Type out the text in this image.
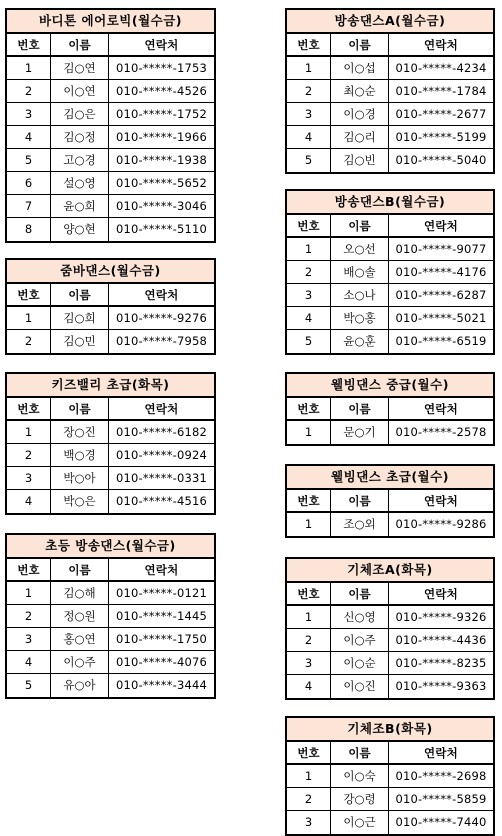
바디톤 에어로빅(월수금)
번호	이름	연락처
1	김○연	010-*****-1753
2	이○연	010-*****-4526
3	김○은	010-*****-1752
4	김○정	010-*****-1966
5	고○경	010-*****-1938
6	설○영	010-*****-5652
7	윤○희	010-*****-3046
8	양○현	010-*****-5110
줌바댄스(월수금)
번호	이름	연락처
1	김○희	010-*****-9276
2	김○민	010-*****-7958
키즈밸리 초급(화목)
번호	이름	연락처
1	장○진	010-*****-6182
2	백○경	010-*****-0924
3	박○아	010-*****-0331
4	박○은	010-*****-4516
초등 방송댄스(월수금)
번호	이름	연락처
1	김○해	010-*****-0121
2	정○원	010-*****-1445
3	홍○연	010-*****-1750
4	이○주	010-*****-4076
5	유○아	010-*****-3444
방송댄스A(월수금)
번호	이름	연락처
1	이○섭	010-*****-4234
2	최○순	010-*****-1784
3	이○경	010-*****-2677
4	김○리	010-*****-5199
5	김○빈	010-*****-5040
방송댄스B(월수금)
번호	이름	연락처
1	오○선	010-*****-9077
2	배○솔	010-*****-4176
3	소○나	010-*****-6287
4	박○홍	010-*****-5021
5	윤○훈	010-*****-6519
웰빙댄스 중급(월수)
번호	이름	연락처
1	문○기	010-*****-2578
웰빙댄스 초급(월수)
번호	이름	연락처
1	조○외	010-*****-9286
기체조A(화목)
번호	이름	연락처
1	신○영	010-*****-9326
2	이○주	010-*****-4436
3	이○순	010-*****-8235
4	이○진	010-*****-9363
기체조B(화목)
번호	이름	연락처
1	이○숙	010-*****-2698
2	강○령	010-*****-5859
3	이○근	010-*****-7440
